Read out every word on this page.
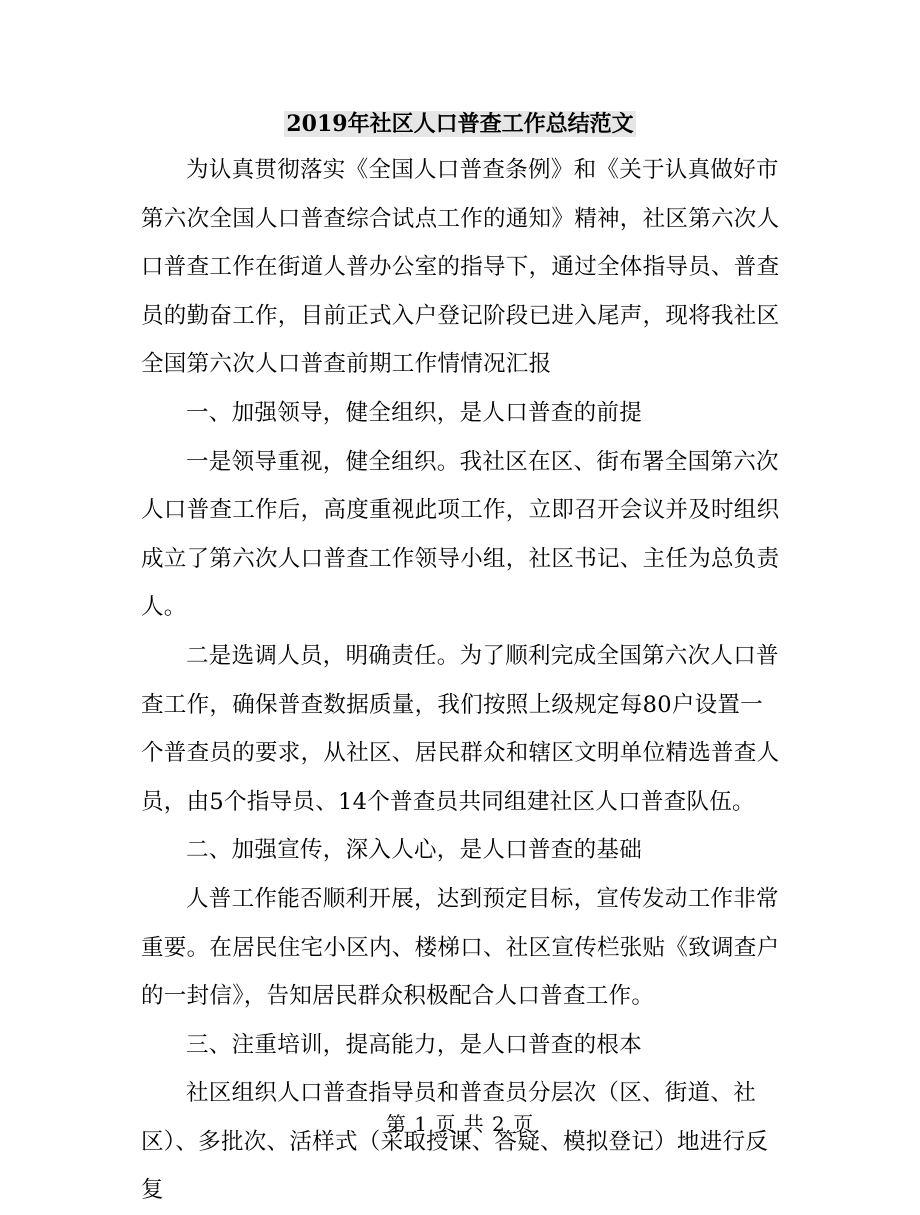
2019年社区人口普查工作总结范文

为认真贯彻落实《全国人口普查条例》和《关于认真做好市第六次全国人口普查综合试点工作的通知》精神，社区第六次人口普查工作在街道人普办公室的指导下，通过全体指导员、普查员的勤奋工作，目前正式入户登记阶段已进入尾声，现将我社区全国第六次人口普查前期工作情情况汇报

一、加强领导，健全组织，是人口普查的前提

一是领导重视，健全组织。我社区在区、街布署全国第六次人口普查工作后，高度重视此项工作，立即召开会议并及时组织成立了第六次人口普查工作领导小组，社区书记、主任为总负责人。

二是选调人员，明确责任。为了顺利完成全国第六次人口普查工作，确保普查数据质量，我们按照上级规定每80户设置一个普查员的要求，从社区、居民群众和辖区文明单位精选普查人员，由5个指导员、14个普查员共同组建社区人口普查队伍。

二、加强宣传，深入人心，是人口普查的基础

人普工作能否顺利开展，达到预定目标，宣传发动工作非常重要。在居民住宅小区内、楼梯口、社区宣传栏张贴《致调查户的一封信》，告知居民群众积极配合人口普查工作。

三、注重培训，提高能力，是人口普查的根本

社区组织人口普查指导员和普查员分层次（区、街道、社区）、多批次、活样式（采取授课、答疑、模拟登记）地进行反复

第 1 页 共 2 页
